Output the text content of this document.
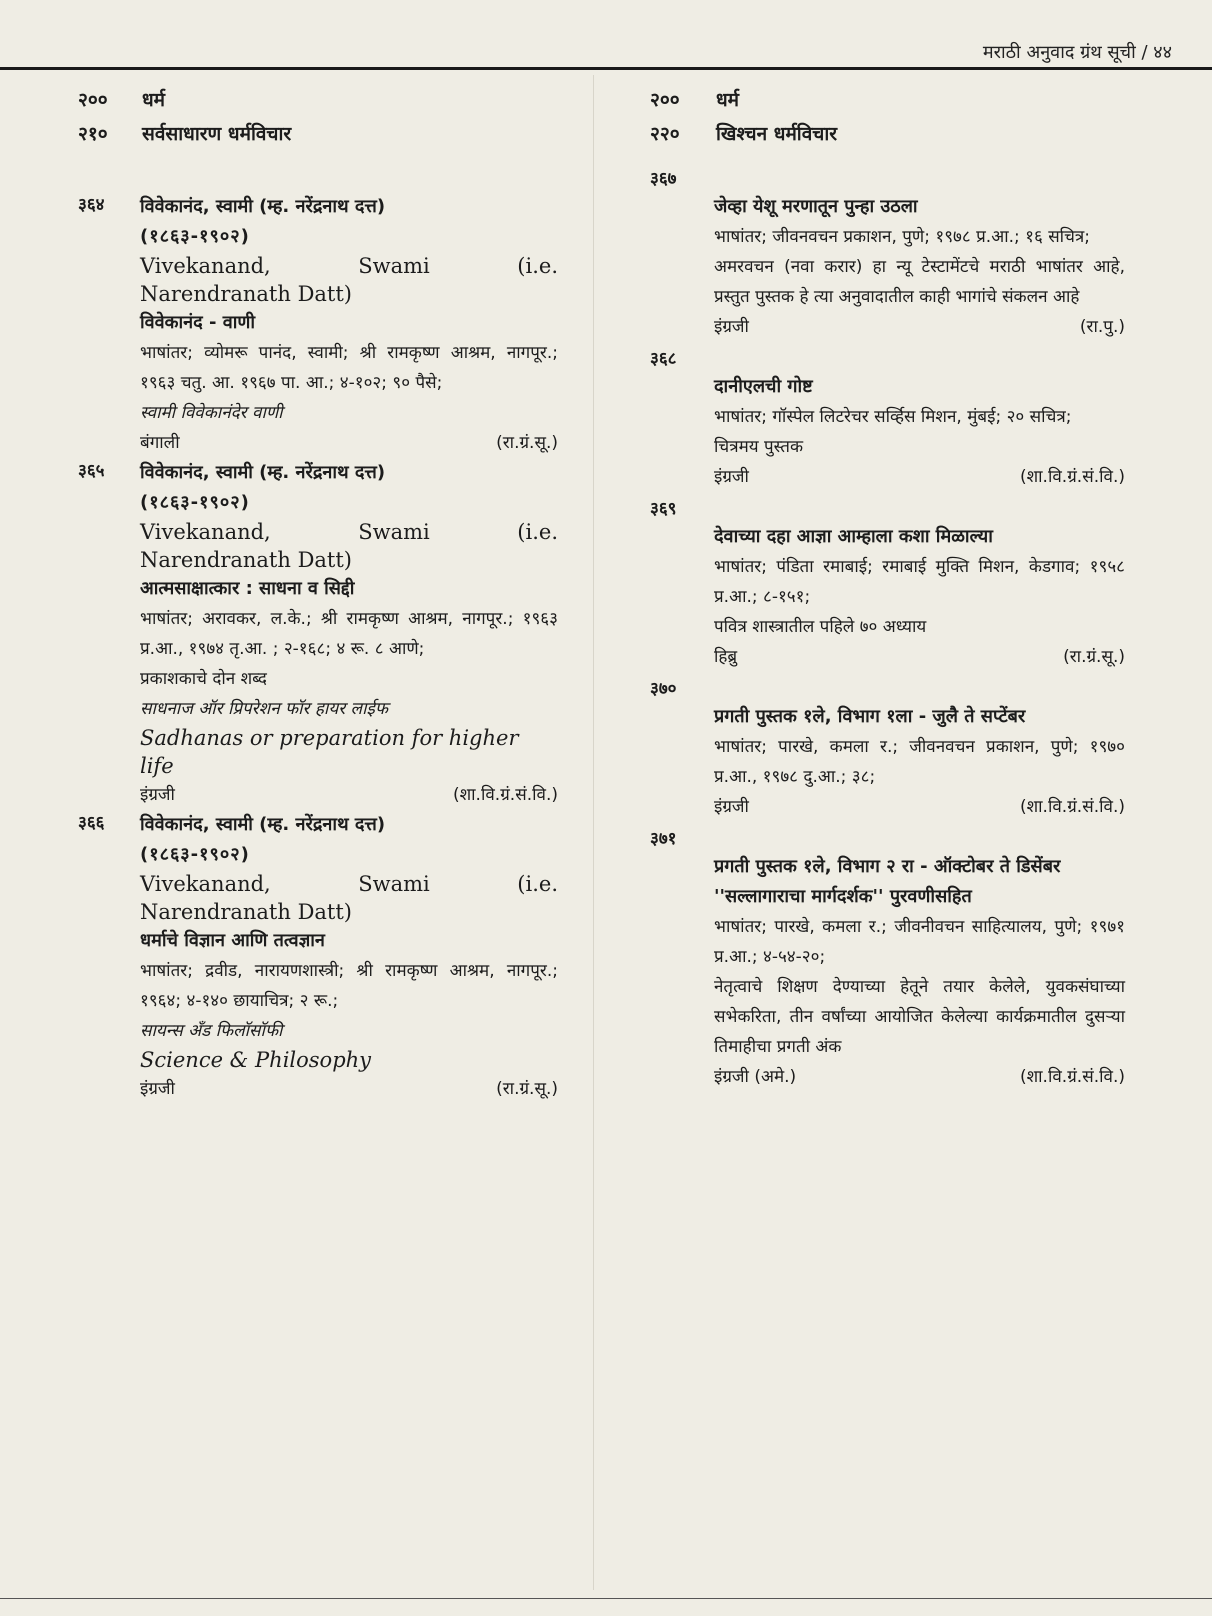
मराठी अनुवाद ग्रंथ सूची / ४४
२०० धर्म
२१० सर्वसाधारण धर्मविचार
३६४ विवेकानंद, स्वामी (म्ह. नरेंद्रनाथ दत्त)
(१८६३-१९०२)
Vivekanand, Swami (i.e.
Narendranath Datt)
विवेकानंद - वाणी
भाषांतर; व्योमरू पानंद, स्वामी; श्री रामकृष्ण आश्रम, नागपूर.; १९६३ चतु. आ. १९६७ पा. आ.; ४-१०२; ९० पैसे;
स्वामी विवेकानंदेर वाणी
बंगाली	(रा.ग्रं.सू.)
३६५ विवेकानंद, स्वामी (म्ह. नरेंद्रनाथ दत्त)
(१८६३-१९०२)
Vivekanand, Swami (i.e.
Narendranath Datt)
आत्मसाक्षात्कार : साधना व सिद्दी
भाषांतर; अरावकर, ल.के.; श्री रामकृष्ण आश्रम, नागपूर.; १९६३ प्र.आ., १९७४ तृ.आ. ; २-१६८; ४ रू. ८ आणे;
प्रकाशकाचे दोन शब्द
साधनाज ऑर प्रिपरेशन फॉर हायर लाईफ
Sadhanas or preparation for higher life
इंग्रजी	(शा.वि.ग्रं.सं.वि.)
३६६ विवेकानंद, स्वामी (म्ह. नरेंद्रनाथ दत्त)
(१८६३-१९०२)
Vivekanand, Swami (i.e.
Narendranath Datt)
धर्माचे विज्ञान आणि तत्वज्ञान
भाषांतर; द्रवीड, नारायणशास्त्री; श्री रामकृष्ण आश्रम, नागपूर.; १९६४; ४-१४० छायाचित्र; २ रू.;
सायन्स अँड फिलॉसॉफी
Science & Philosophy
इंग्रजी	(रा.ग्रं.सू.)
२०० धर्म
२२० खिश्चन धर्मविचार
३६७
जेव्हा येशू मरणातून पुन्हा उठला
भाषांतर; जीवनवचन प्रकाशन, पुणे; १९७८ प्र.आ.; १६ सचित्र;
अमरवचन (नवा करार) हा न्यू टेस्टामेंटचे मराठी भाषांतर आहे, प्रस्तुत पुस्तक हे त्या अनुवादातील काही भागांचे संकलन आहे
इंग्रजी	(रा.पु.)
३६८
दानीएलची गोष्ट
भाषांतर; गॉस्पेल लिटरेचर सर्व्हिस मिशन, मुंबई; २० सचित्र;
चित्रमय पुस्तक
इंग्रजी	(शा.वि.ग्रं.सं.वि.)
३६९
देवाच्या दहा आज्ञा आम्हाला कशा मिळाल्या
भाषांतर; पंडिता रमाबाई; रमाबाई मुक्ति मिशन, केडगाव; १९५८ प्र.आ.; ८-१५१;
पवित्र शास्त्रातील पहिले ७० अध्याय
हिब्रु	(रा.ग्रं.सू.)
३७०
प्रगती पुस्तक १ले, विभाग १ला - जुलै ते सप्टेंबर
भाषांतर; पारखे, कमला र.; जीवनवचन प्रकाशन, पुणे; १९७० प्र.आ., १९७८ दु.आ.; ३८;
इंग्रजी	(शा.वि.ग्रं.सं.वि.)
३७१
प्रगती पुस्तक १ले, विभाग २ रा - ऑक्टोबर ते डिसेंबर ''सल्लागाराचा मार्गदर्शक'' पुरवणीसहित
भाषांतर; पारखे, कमला र.; जीवनीवचन साहित्यालय, पुणे; १९७१ प्र.आ.; ४-५४-२०;
नेतृत्वाचे शिक्षण देण्याच्या हेतूने तयार केलेले, युवकसंघाच्या सभेकरिता, तीन वर्षांच्या आयोजित केलेल्या कार्यक्रमातील दुसऱ्या तिमाहीचा प्रगती अंक
इंग्रजी (अमे.)	(शा.वि.ग्रं.सं.वि.)
